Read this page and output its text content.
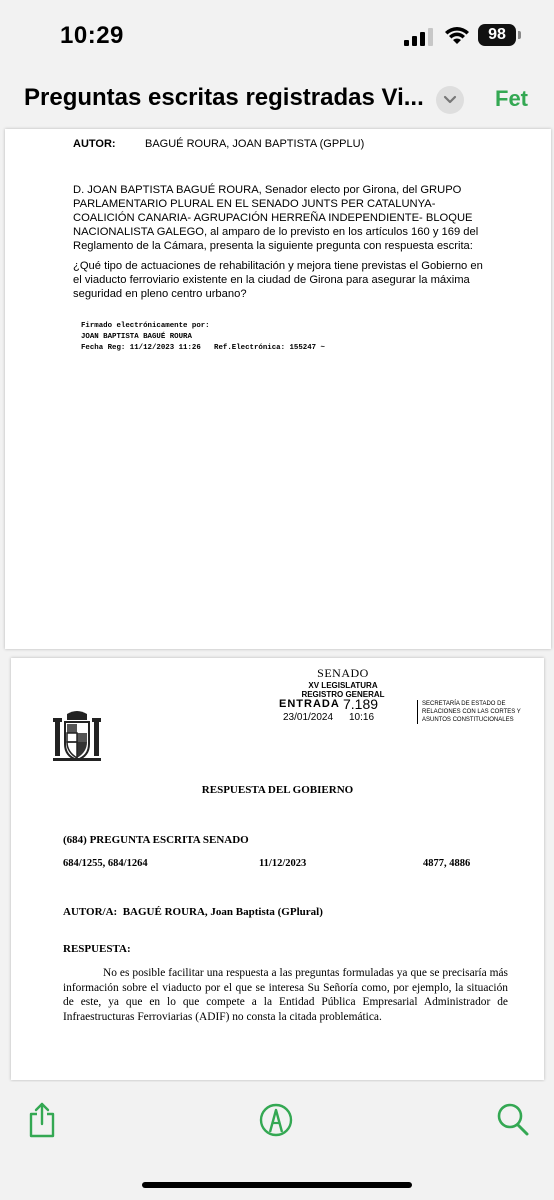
10:29	98
Preguntas escritas registradas Vi...	Fet
AUTOR:	BAGUÉ ROURA, JOAN BAPTISTA (GPPLU)
D. JOAN BAPTISTA BAGUÉ ROURA, Senador electo por Girona, del GRUPO PARLAMENTARIO PLURAL EN EL SENADO JUNTS PER CATALUNYA-COALICIÓN CANARIA- AGRUPACIÓN HERREÑA INDEPENDIENTE- BLOQUE NACIONALISTA GALEGO, al amparo de lo previsto en los artículos 160 y 169 del Reglamento de la Cámara, presenta la siguiente pregunta con respuesta escrita:
¿Qué tipo de actuaciones de rehabilitación y mejora tiene previstas el Gobierno en el viaducto ferroviario existente en la ciudad de Girona para asegurar la máxima seguridad en pleno centro urbano?
Firmado electrónicamente por:
JOAN BAPTISTA BAGUÉ ROURA
Fecha Reg: 11/12/2023 11:26   Ref.Electrónica: 155247 ~
SENADO
XV LEGISLATURA
REGISTRO GENERAL
ENTRADA 7.189
23/01/2024 10:16
SECRETARÍA DE ESTADO DE RELACIONES CON LAS CORTES Y ASUNTOS CONSTITUCIONALES
RESPUESTA DEL GOBIERNO
(684) PREGUNTA ESCRITA SENADO
684/1255, 684/1264	11/12/2023	4877, 4886
AUTOR/A: BAGUÉ ROURA, Joan Baptista (GPlural)
RESPUESTA:
No es posible facilitar una respuesta a las preguntas formuladas ya que se precisaría más información sobre el viaducto por el que se interesa Su Señoría como, por ejemplo, la situación de este, ya que en lo que compete a la Entidad Pública Empresarial Administrador de Infraestructuras Ferroviarias (ADIF) no consta la citada problemática.
